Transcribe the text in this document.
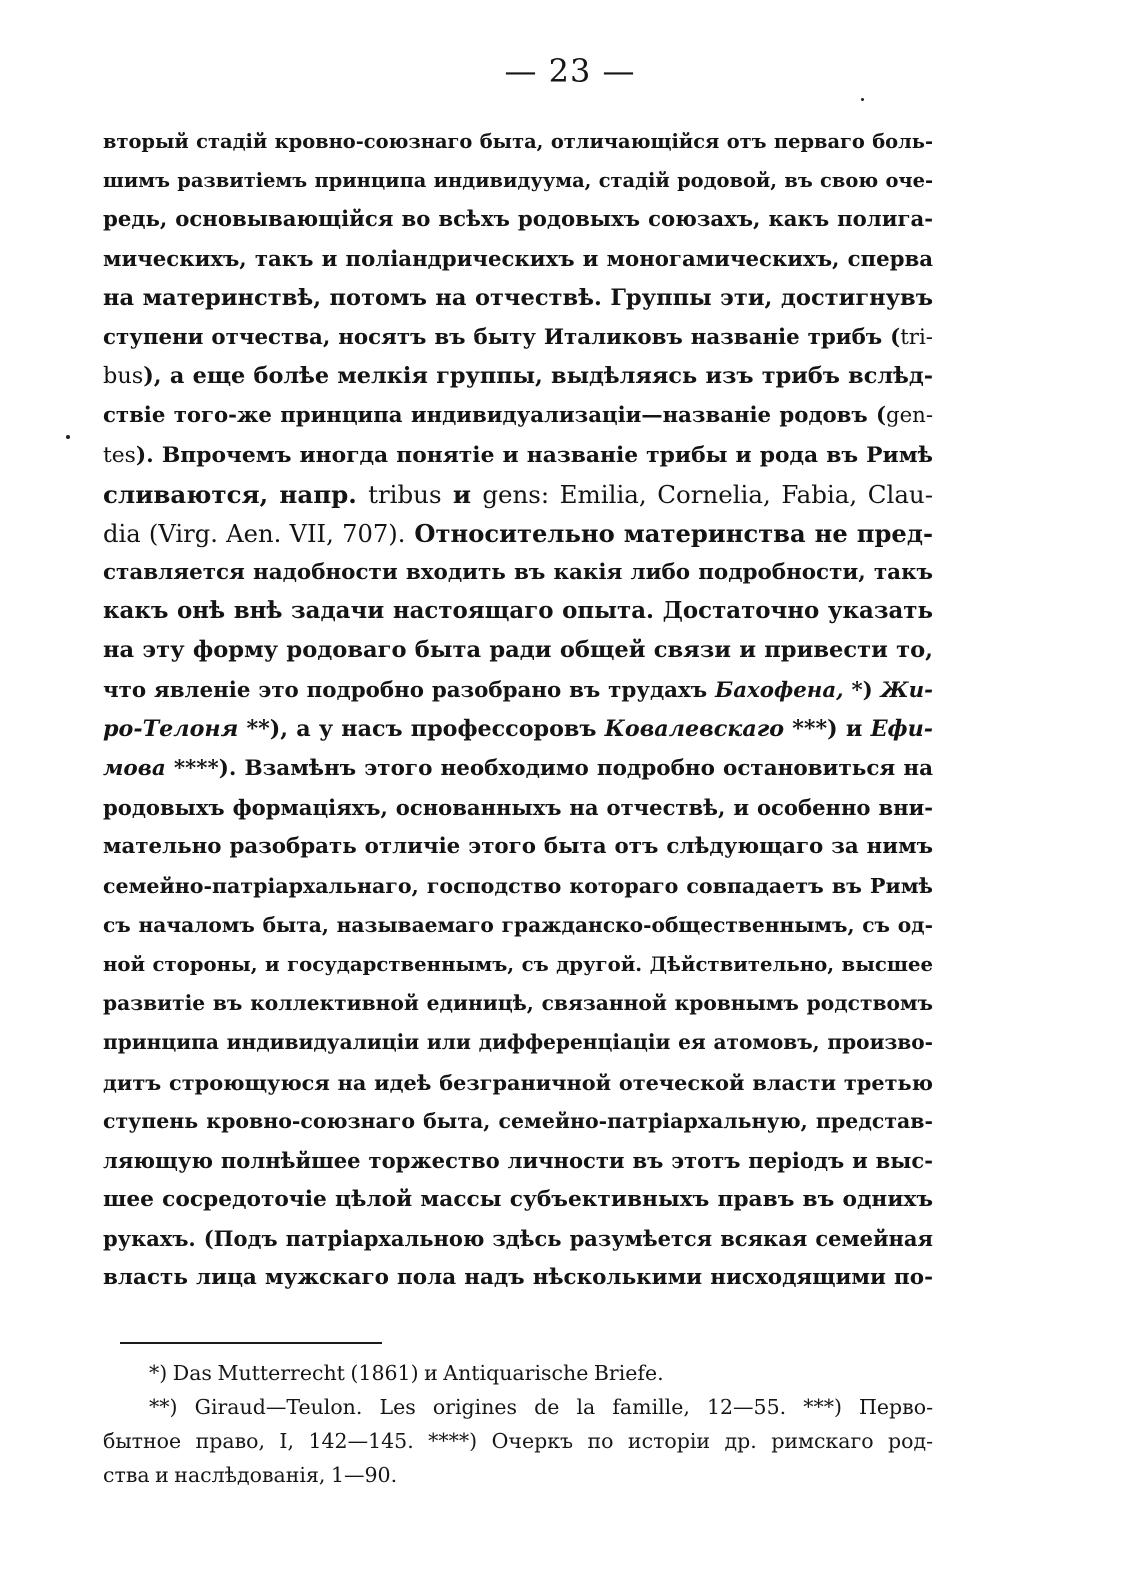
— 23 —
вторый стадій кровно-союзнаго быта, отличающійся отъ перваго боль-
шимъ развитіемъ принципа индивидуума, стадій родовой, въ свою оче-
редь, основывающійся во всѣхъ родовыхъ союзахъ, какъ полига-
мическихъ, такъ и поліандрическихъ и моногамическихъ, сперва
на материнствѣ, потомъ на отчествѣ. Группы эти, достигнувъ
ступени отчества, носятъ въ быту Италиковъ названіе трибъ (tri-
bus), а еще болѣе мелкія группы, выдѣляясь изъ трибъ вслѣд-
ствіе того-же принципа индивидуализаціи—названіе родовъ (gen-
tes). Впрочемъ иногда понятіе и названіе трибы и рода въ Римѣ
сливаются, напр. tribus и gens: Emilia, Cornelia, Fabia, Clau-
dia (Virg. Aen. VII, 707). Относительно материнства не пред-
ставляется надобности входить въ какія либо подробности, такъ
какъ онѣ внѣ задачи настоящаго опыта. Достаточно указать
на эту форму родоваго быта ради общей связи и привести то,
что явленіе это подробно разобрано въ трудахъ Бахофена, *) Жи-
ро-Телоня **), а у насъ профессоровъ Ковалевскаго ***) и Ефи-
мова ****). Взамѣнъ этого необходимо подробно остановиться на
родовыхъ формаціяхъ, основанныхъ на отчествѣ, и особенно вни-
мательно разобрать отличіе этого быта отъ слѣдующаго за нимъ
семейно-патріархальнаго, господство котораго совпадаетъ въ Римѣ
съ началомъ быта, называемаго гражданско-общественнымъ, съ од-
ной стороны, и государственнымъ, съ другой. Дѣйствительно, высшее
развитіе въ коллективной единицѣ, связанной кровнымъ родствомъ
принципа индивидуалиціи или дифференціаціи ея атомовъ, произво-
дитъ строющуюся на идеѣ безграничной отеческой власти третью
ступень кровно-союзнаго быта, семейно-патріархальную, представ-
ляющую полнѣйшее торжество личности въ этотъ періодъ и выс-
шее сосредоточіе цѣлой массы субъективныхъ правъ въ однихъ
рукахъ. (Подъ патріархальною здѣсь разумѣется всякая семейная
власть лица мужскаго пола надъ нѣсколькими нисходящими по-
*) Das Mutterrecht (1861) и Antiquarische Briefe.
**) Giraud—Teulon. Les origines de la famille, 12—55. ***) Перво-
бытное право, I, 142—145. ****) Очеркъ по исторіи др. римскаго род-
ства и наслѣдованія, 1—90.
